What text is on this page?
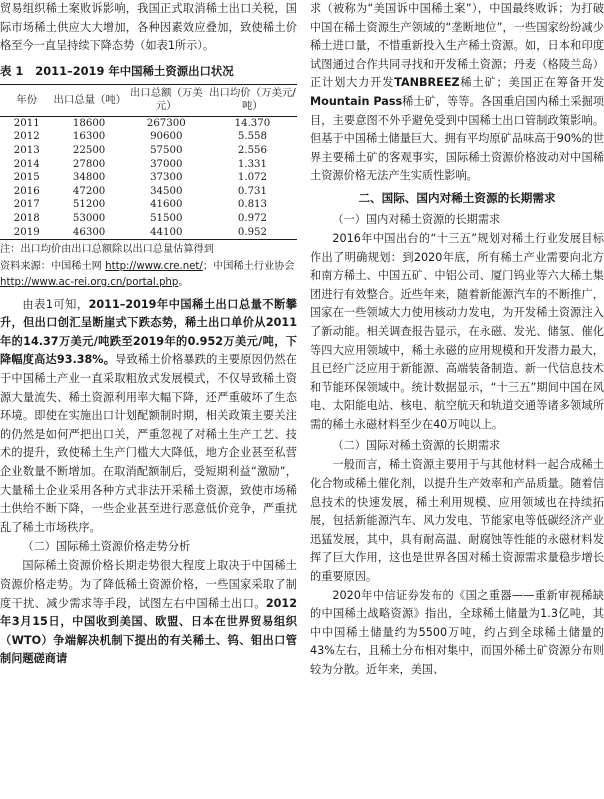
贸易组织稀土案败诉影响，我国正式取消稀土出口关税，国际市场稀土供应大大增加，各种因素效应叠加，致使稀土价格至今一直呈持续下降态势（如表1所示）。

表 1 2011–2019 年中国稀土资源出口状况
年份	出口总量（吨）	出口总额（万美元）	出口均价（万美元/吨）
2011	18600	267300	14.370
2012	16300	90600	5.558
2013	22500	57500	2.556
2014	27800	37000	1.331
2015	34800	37300	1.072
2016	47200	34500	0.731
2017	51200	41600	0.813
2018	53000	51500	0.972
2019	46300	44100	0.952
注：出口均价由出口总额除以出口总量估算得到
资料来源：中国稀土网 http://www.cre.net/；中国稀土行业协会 http://www.ac-rei.org.cn/portal.php。

由表1可知，2011–2019年中国稀土出口总量不断攀升，但出口创汇呈断崖式下跌态势，稀土出口单价从2011年的14.37万美元/吨跌至2019年的0.952万美元/吨，下降幅度高达93.38%。导致稀土价格暴跌的主要原因仍然在于中国稀土产业一直采取粗放式发展模式，不仅导致稀土资源大量流失、稀土资源利用率大幅下降，还严重破坏了生态环境。即使在实施出口计划配额制时期，相关政策主要关注的仍然是如何严把出口关，严重忽视了对稀土生产工艺、技术的提升，致使稀土生产门槛大大降低，地方企业甚至私营企业数量不断增加。在取消配额制后，受短期利益“激励”，大量稀土企业采用各种方式非法开采稀土资源，致使市场稀土供给不断下降，一些企业甚至进行恶意低价竞争，严重扰乱了稀土市场秩序。

（二）国际稀土资源价格走势分析

国际稀土资源价格长期走势很大程度上取决于中国稀土资源价格走势。为了降低稀土资源价格，一些国家采取了制度干扰、减少需求等手段，试图左右中国稀土出口。2012年3月15日，中国收到美国、欧盟、日本在世界贸易组织（WTO）争端解决机制下提出的有关稀土、钨、钼出口管制问题磋商请

求（被称为“美国诉中国稀土案”），中国最终败诉；为打破中国在稀土资源生产领域的“垄断地位”，一些国家纷纷减少稀土进口量，不惜重新投入生产稀土资源。如，日本和印度试图通过合作共同寻找和开发稀土资源；丹麦（格陵兰岛）正计划大力开发TANBREEZ稀土矿；美国正在筹备开发Mountain Pass稀土矿，等等。各国重启国内稀土采掘项目，主要意图不外乎避免受到中国稀土出口管制政策影响。但基于中国稀土储量巨大、拥有平均原矿品味高于90%的世界主要稀土矿的客观事实，国际稀土资源价格波动对中国稀土资源价格无法产生实质性影响。

二、国际、国内对稀土资源的长期需求
（一）国内对稀土资源的长期需求

2016年中国出台的“十三五”规划对稀土行业发展目标作出了明确规划：到2020年底，所有稀土产业需要向北方和南方稀土、中国五矿、中铝公司、厦门钨业等六大稀土集团进行有效整合。近些年来，随着新能源汽车的不断推广，国家在一些领域大力使用核动力发电，为开发稀土资源注入了新动能。相关调查报告显示，在永磁、发光、储氢、催化等四大应用领域中，稀土永磁的应用规模和开发潜力最大，且已经广泛应用于新能源、高端装备制造、新一代信息技术和节能环保领域中。统计数据显示，“十三五”期间中国在风电、太阳能电站、核电、航空航天和轨道交通等诸多领域所需的稀土永磁材料至少在40万吨以上。

（二）国际对稀土资源的长期需求

一般而言，稀土资源主要用于与其他材料一起合成稀土化合物或稀土催化剂，以提升生产效率和产品质量。随着信息技术的快速发展，稀土利用规模、应用领域也在持续拓展，包括新能源汽车、风力发电、节能家电等低碳经济产业迅猛发展，其中，具有耐高温、耐腐蚀等性能的永磁材料发挥了巨大作用，这也是世界各国对稀土资源需求量稳步增长的重要原因。

2020年中信证券发布的《国之重器——重新审视稀缺的中国稀土战略资源》指出，全球稀土储量为1.3亿吨，其中中国稀土储量约为5500万吨，约占到全球稀土储量的43%左右，且稀土分布相对集中，而国外稀土矿资源分布则较为分散。近年来，美国、
